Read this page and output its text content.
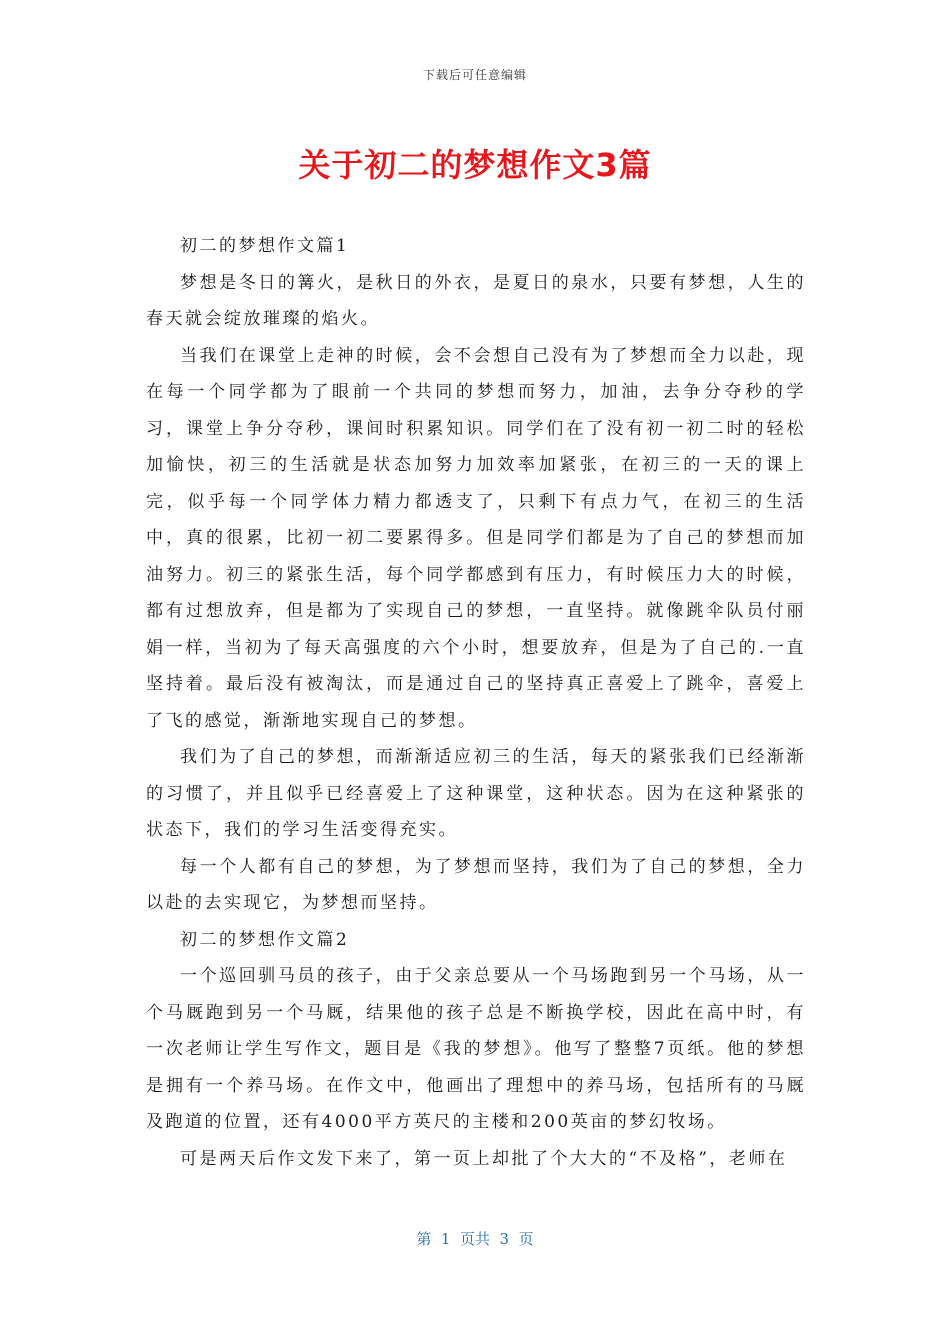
下载后可任意编辑
关于初二的梦想作文3篇

初二的梦想作文篇1

梦想是冬日的篝火，是秋日的外衣，是夏日的泉水，只要有梦想，人生的春天就会绽放璀璨的焰火。

当我们在课堂上走神的时候，会不会想自己没有为了梦想而全力以赴，现在每一个同学都为了眼前一个共同的梦想而努力，加油，去争分夺秒的学习，课堂上争分夺秒，课间时积累知识。同学们在了没有初一初二时的轻松加愉快，初三的生活就是状态加努力加效率加紧张，在初三的一天的课上完，似乎每一个同学体力精力都透支了，只剩下有点力气，在初三的生活中，真的很累，比初一初二要累得多。但是同学们都是为了自己的梦想而加油努力。初三的紧张生活，每个同学都感到有压力，有时候压力大的时候，都有过想放弃，但是都为了实现自己的梦想，一直坚持。就像跳伞队员付丽娟一样，当初为了每天高强度的六个小时，想要放弃，但是为了自己的.一直坚持着。最后没有被淘汰，而是通过自己的坚持真正喜爱上了跳伞，喜爱上了飞的感觉，渐渐地实现自己的梦想。

我们为了自己的梦想，而渐渐适应初三的生活，每天的紧张我们已经渐渐的习惯了，并且似乎已经喜爱上了这种课堂，这种状态。因为在这种紧张的状态下，我们的学习生活变得充实。

每一个人都有自己的梦想，为了梦想而坚持，我们为了自己的梦想，全力以赴的去实现它，为梦想而坚持。

初二的梦想作文篇2

一个巡回驯马员的孩子，由于父亲总要从一个马场跑到另一个马场，从一个马厩跑到另一个马厩，结果他的孩子总是不断换学校，因此在高中时，有一次老师让学生写作文，题目是《我的梦想》。他写了整整7页纸。他的梦想是拥有一个养马场。在作文中，他画出了理想中的养马场，包括所有的马厩及跑道的位置，还有4000平方英尺的主楼和200英亩的梦幻牧场。

可是两天后作文发下来了，第一页上却批了个大大的“不及格”，老师在

第  1  页共  3  页
